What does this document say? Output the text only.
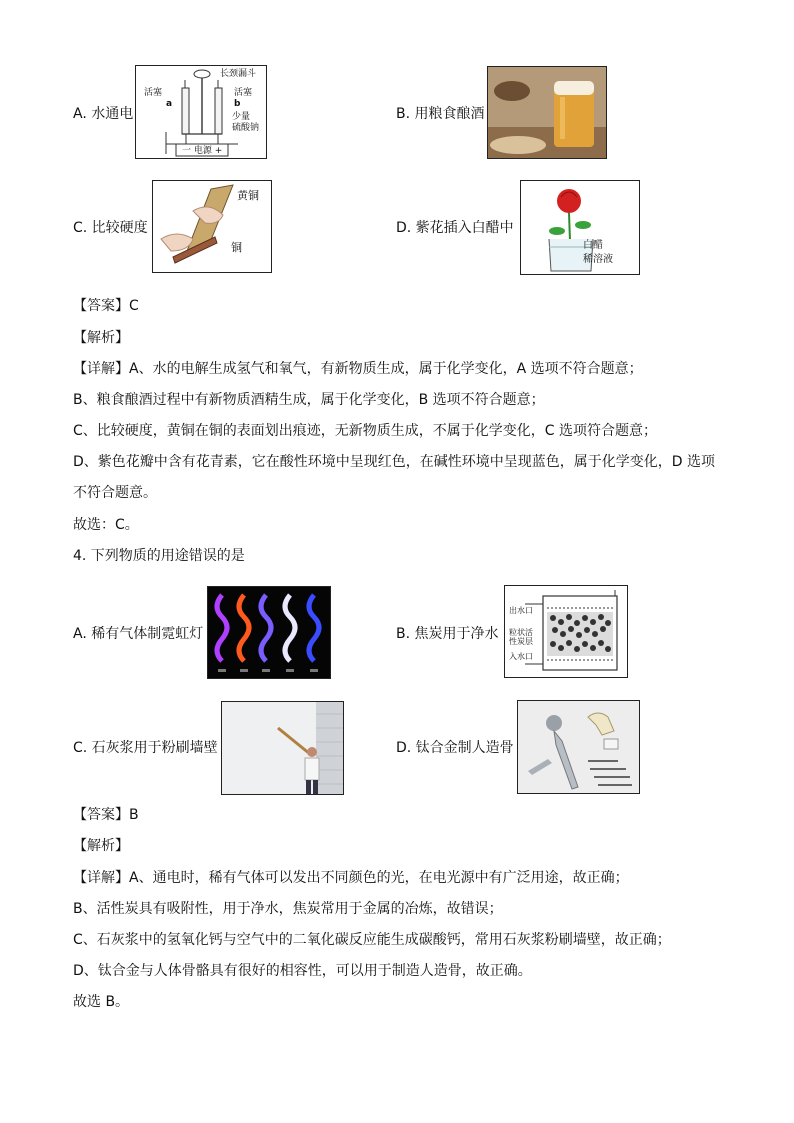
A. 水通电
长颈漏斗
活塞	活塞
a	b
少量
硫酸钠
一 电源 +
B. 用粮食酿酒
C. 比较硬度
黄铜
铜
D. 紫花插入白醋中
白醋
稀溶液
【答案】C
【解析】
【详解】A、水的电解生成氢气和氧气，有新物质生成，属于化学变化，A 选项不符合题意；
B、粮食酿酒过程中有新物质酒精生成，属于化学变化，B 选项不符合题意；
C、比较硬度，黄铜在铜的表面划出痕迹，无新物质生成，不属于化学变化，C 选项符合题意；
D、紫色花瓣中含有花青素，它在酸性环境中呈现红色，在碱性环境中呈现蓝色，属于化学变化，D 选项
不符合题意。
故选：C。
4. 下列物质的用途错误的是
A. 稀有气体制霓虹灯	B. 焦炭用于净水
出水口
粒状活
性炭层
入水口
C. 石灰浆用于粉刷墙壁	D. 钛合金制人造骨
【答案】B
【解析】
【详解】A、通电时，稀有气体可以发出不同颜色的光，在电光源中有广泛用途，故正确；
B、活性炭具有吸附性，用于净水，焦炭常用于金属的冶炼，故错误；
C、石灰浆中的氢氧化钙与空气中的二氧化碳反应能生成碳酸钙，常用石灰浆粉刷墙壁，故正确；
D、钛合金与人体骨骼具有很好的相容性，可以用于制造人造骨，故正确。
故选 B。
